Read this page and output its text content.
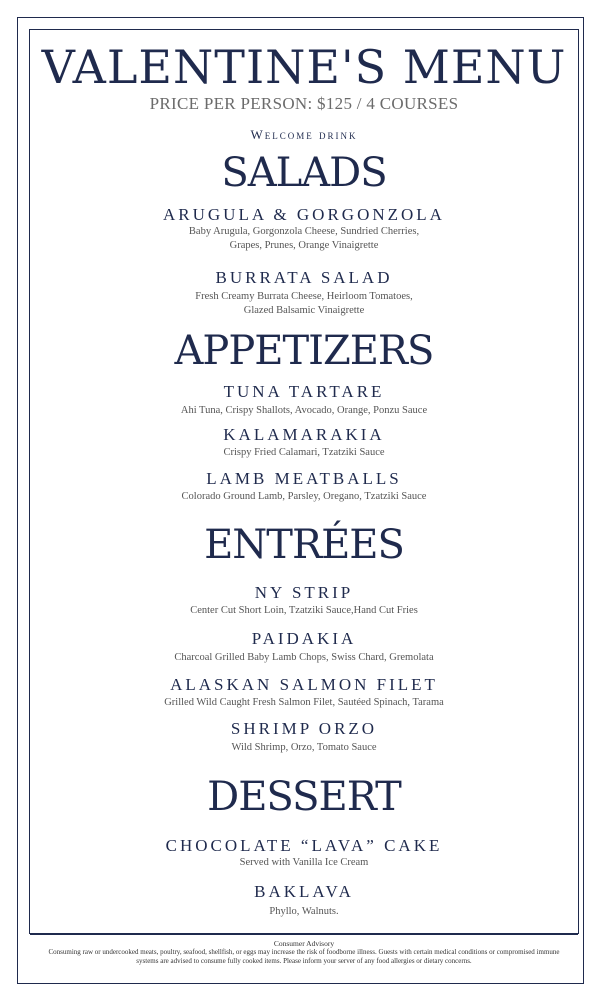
VALENTINE'S MENU
PRICE PER PERSON: $125 / 4 COURSES
Welcome drink
SALADS
ARUGULA & GORGONZOLA
Baby Arugula, Gorgonzola Cheese, Sundried Cherries,
Grapes, Prunes, Orange Vinaigrette
BURRATA SALAD
Fresh Creamy Burrata Cheese, Heirloom Tomatoes,
Glazed Balsamic Vinaigrette
APPETIZERS
TUNA TARTARE
Ahi Tuna, Crispy Shallots, Avocado, Orange, Ponzu Sauce
KALAMARAKIA
Crispy Fried Calamari, Tzatziki Sauce
LAMB MEATBALLS
Colorado Ground Lamb, Parsley, Oregano, Tzatziki Sauce
ENTRÉES
NY STRIP
Center Cut Short Loin, Tzatziki Sauce,Hand Cut Fries
PAIDAKIA
Charcoal Grilled Baby Lamb Chops, Swiss Chard, Gremolata
ALASKAN SALMON FILET
Grilled Wild Caught Fresh Salmon Filet, Sautéed Spinach, Tarama
SHRIMP ORZO
Wild Shrimp, Orzo, Tomato Sauce
DESSERT
CHOCOLATE “LAVA” CAKE
Served with Vanilla Ice Cream
BAKLAVA
Phyllo, Walnuts.
Consumer Advisory
Consuming raw or undercooked meats, poultry, seafood, shellfish, or eggs may increase the risk of foodborne illness. Guests with certain medical conditions or compromised immune systems are advised to consume fully cooked items. Please inform your server of any food allergies or dietary concerns.
